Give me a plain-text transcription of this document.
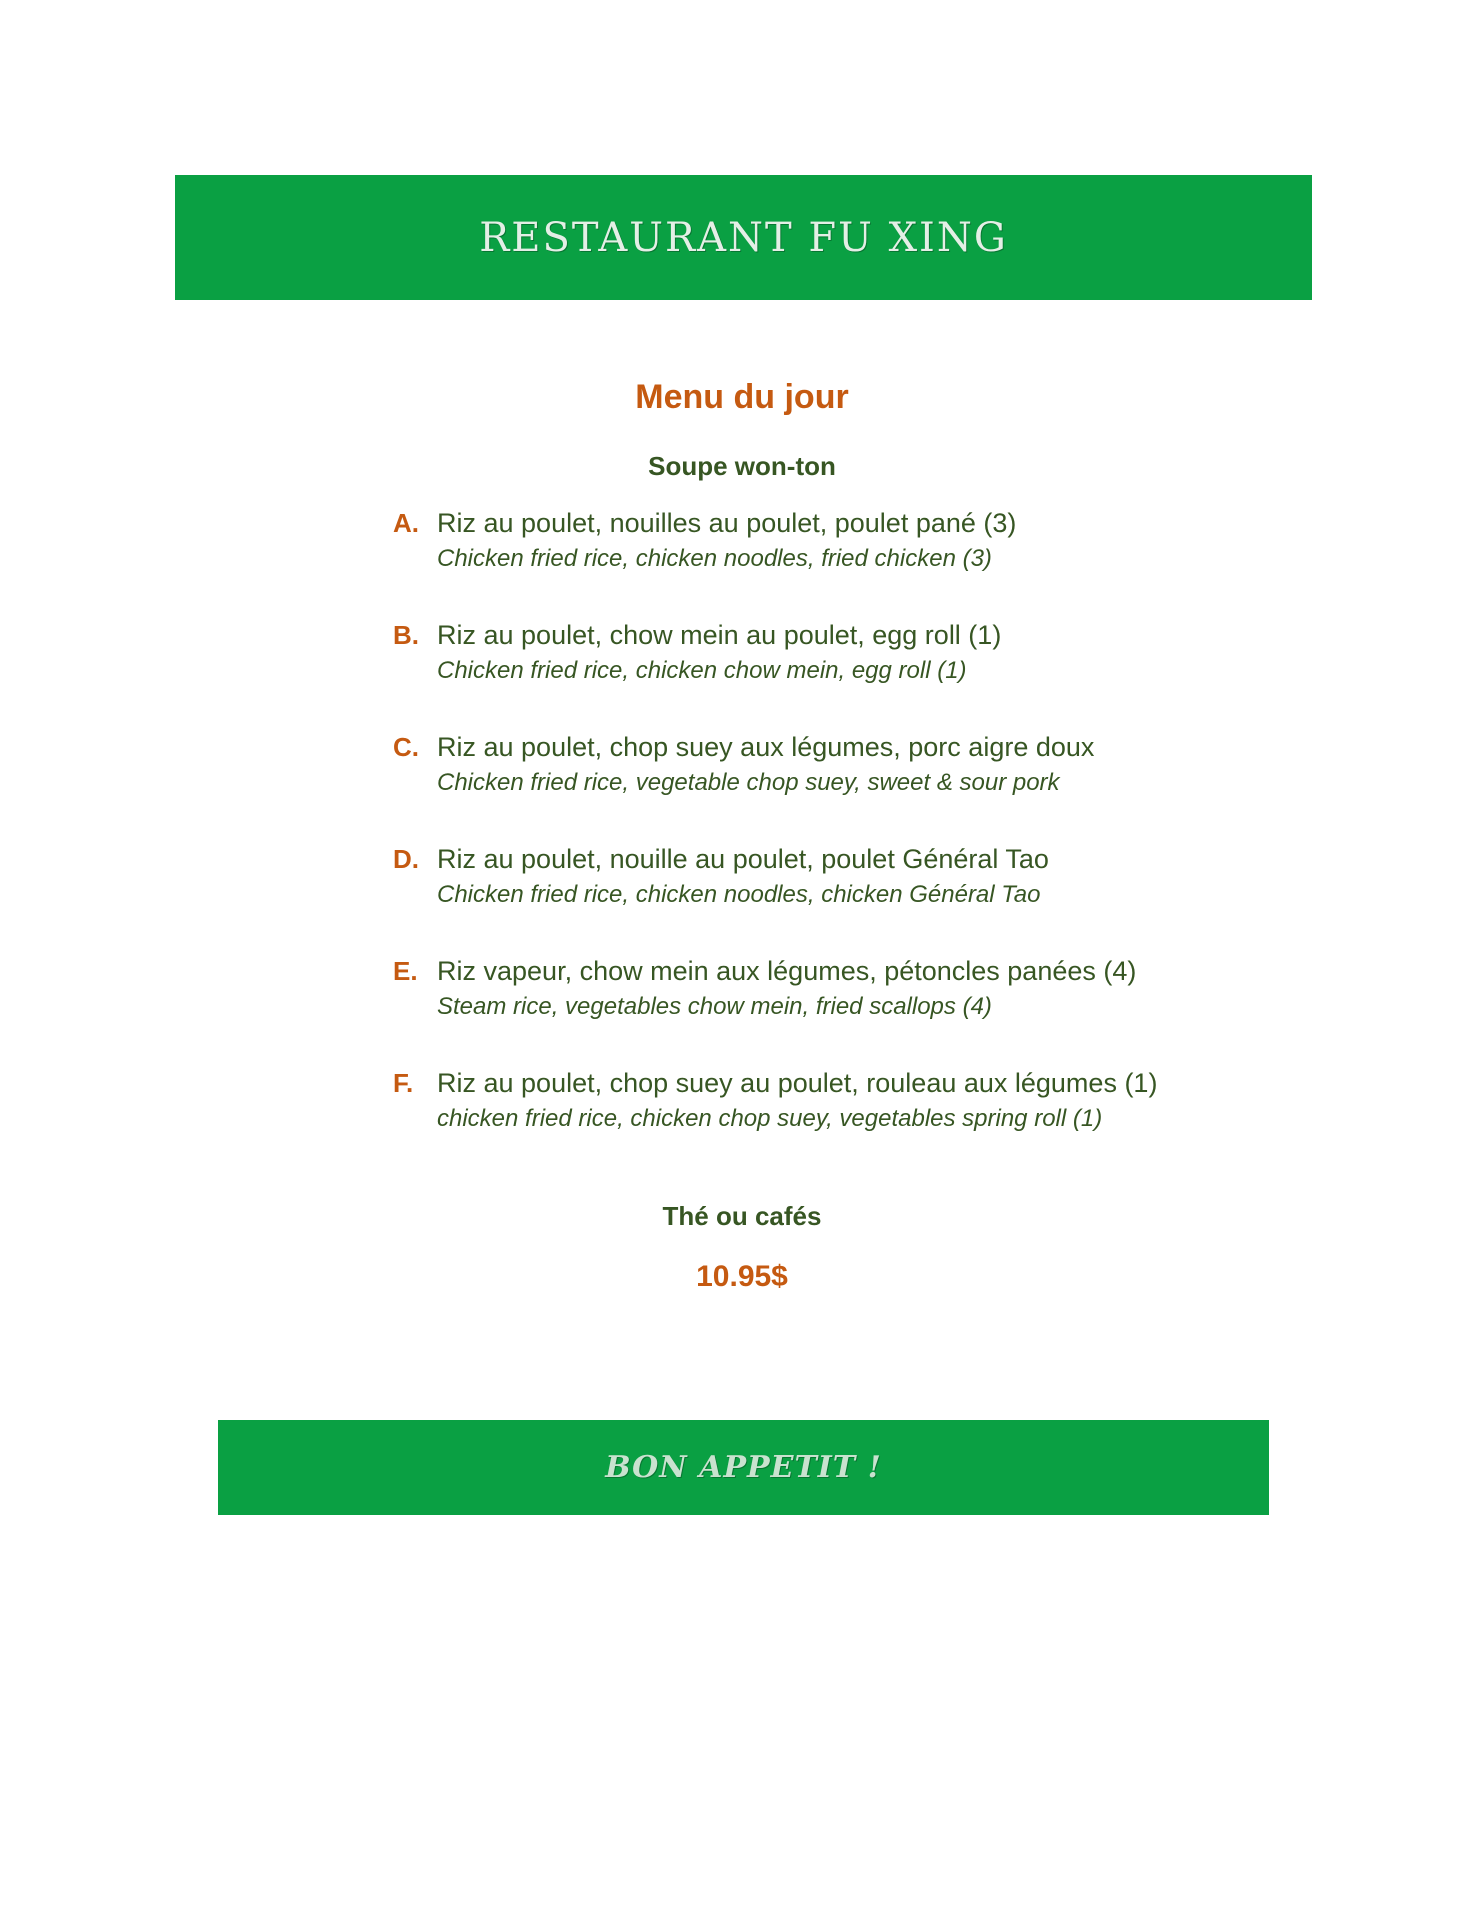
RESTAURANT FU XING
Menu du jour
Soupe won-ton
A. Riz au poulet, nouilles au poulet, poulet pané (3)
Chicken fried rice, chicken noodles, fried chicken (3)
B. Riz au poulet, chow mein au poulet, egg roll (1)
Chicken fried rice, chicken chow mein, egg roll (1)
C. Riz au poulet, chop suey aux légumes, porc aigre doux
Chicken fried rice, vegetable chop suey, sweet & sour pork
D. Riz au poulet, nouille au poulet, poulet Général Tao
Chicken fried rice, chicken noodles, chicken Général Tao
E. Riz vapeur, chow mein aux légumes, pétoncles panées (4)
Steam rice, vegetables chow mein, fried scallops (4)
F. Riz au poulet, chop suey au poulet, rouleau aux légumes (1)
chicken fried rice, chicken chop suey, vegetables spring roll (1)
Thé ou cafés
10.95$
BON APPETIT !
